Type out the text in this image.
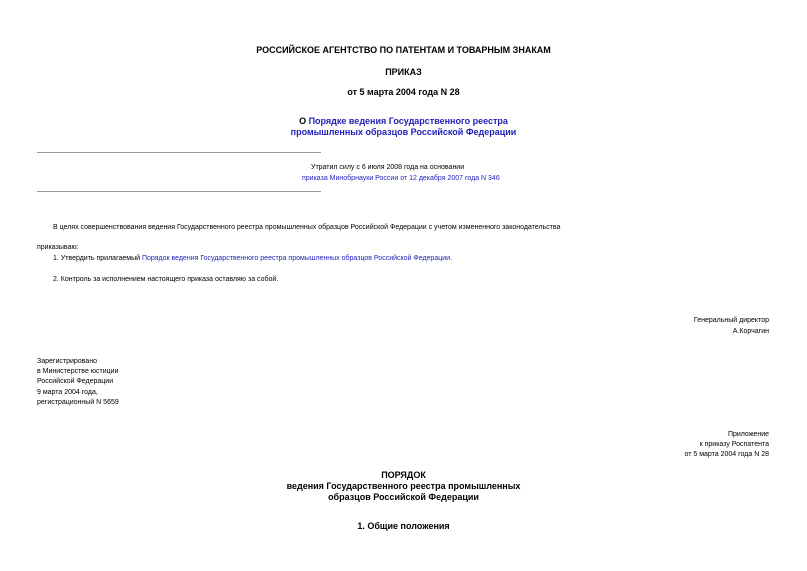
РОССИЙСКОЕ АГЕНТСТВО ПО ПАТЕНТАМ И ТОВАРНЫМ ЗНАКАМ
ПРИКАЗ
от 5 марта 2004 года N 28
О Порядке ведения Государственного реестра
промышленных образцов Российской Федерации
Утратил силу с 6 июля 2008 года на основании
приказа Минобрнауки России от 12 декабря 2007 года N 346
В целях совершенствования ведения Государственного реестра промышленных образцов Российской Федерации с учетом измененного законодательства
приказываю:
1. Утвердить прилагаемый Порядок ведения Государственного реестра промышленных образцов Российской Федерации.
2. Контроль за исполнением настоящего приказа оставляю за собой.
Генеральный директор
А.Корчагин
Зарегистрировано
в Министерстве юстиции
Российской Федерации
9 марта 2004 года,
регистрационный N 5659
Приложение
к приказу Роспатента
от 5 марта 2004 года N 28
ПОРЯДОК
ведения Государственного реестра промышленных
образцов Российской Федерации
1. Общие положения
